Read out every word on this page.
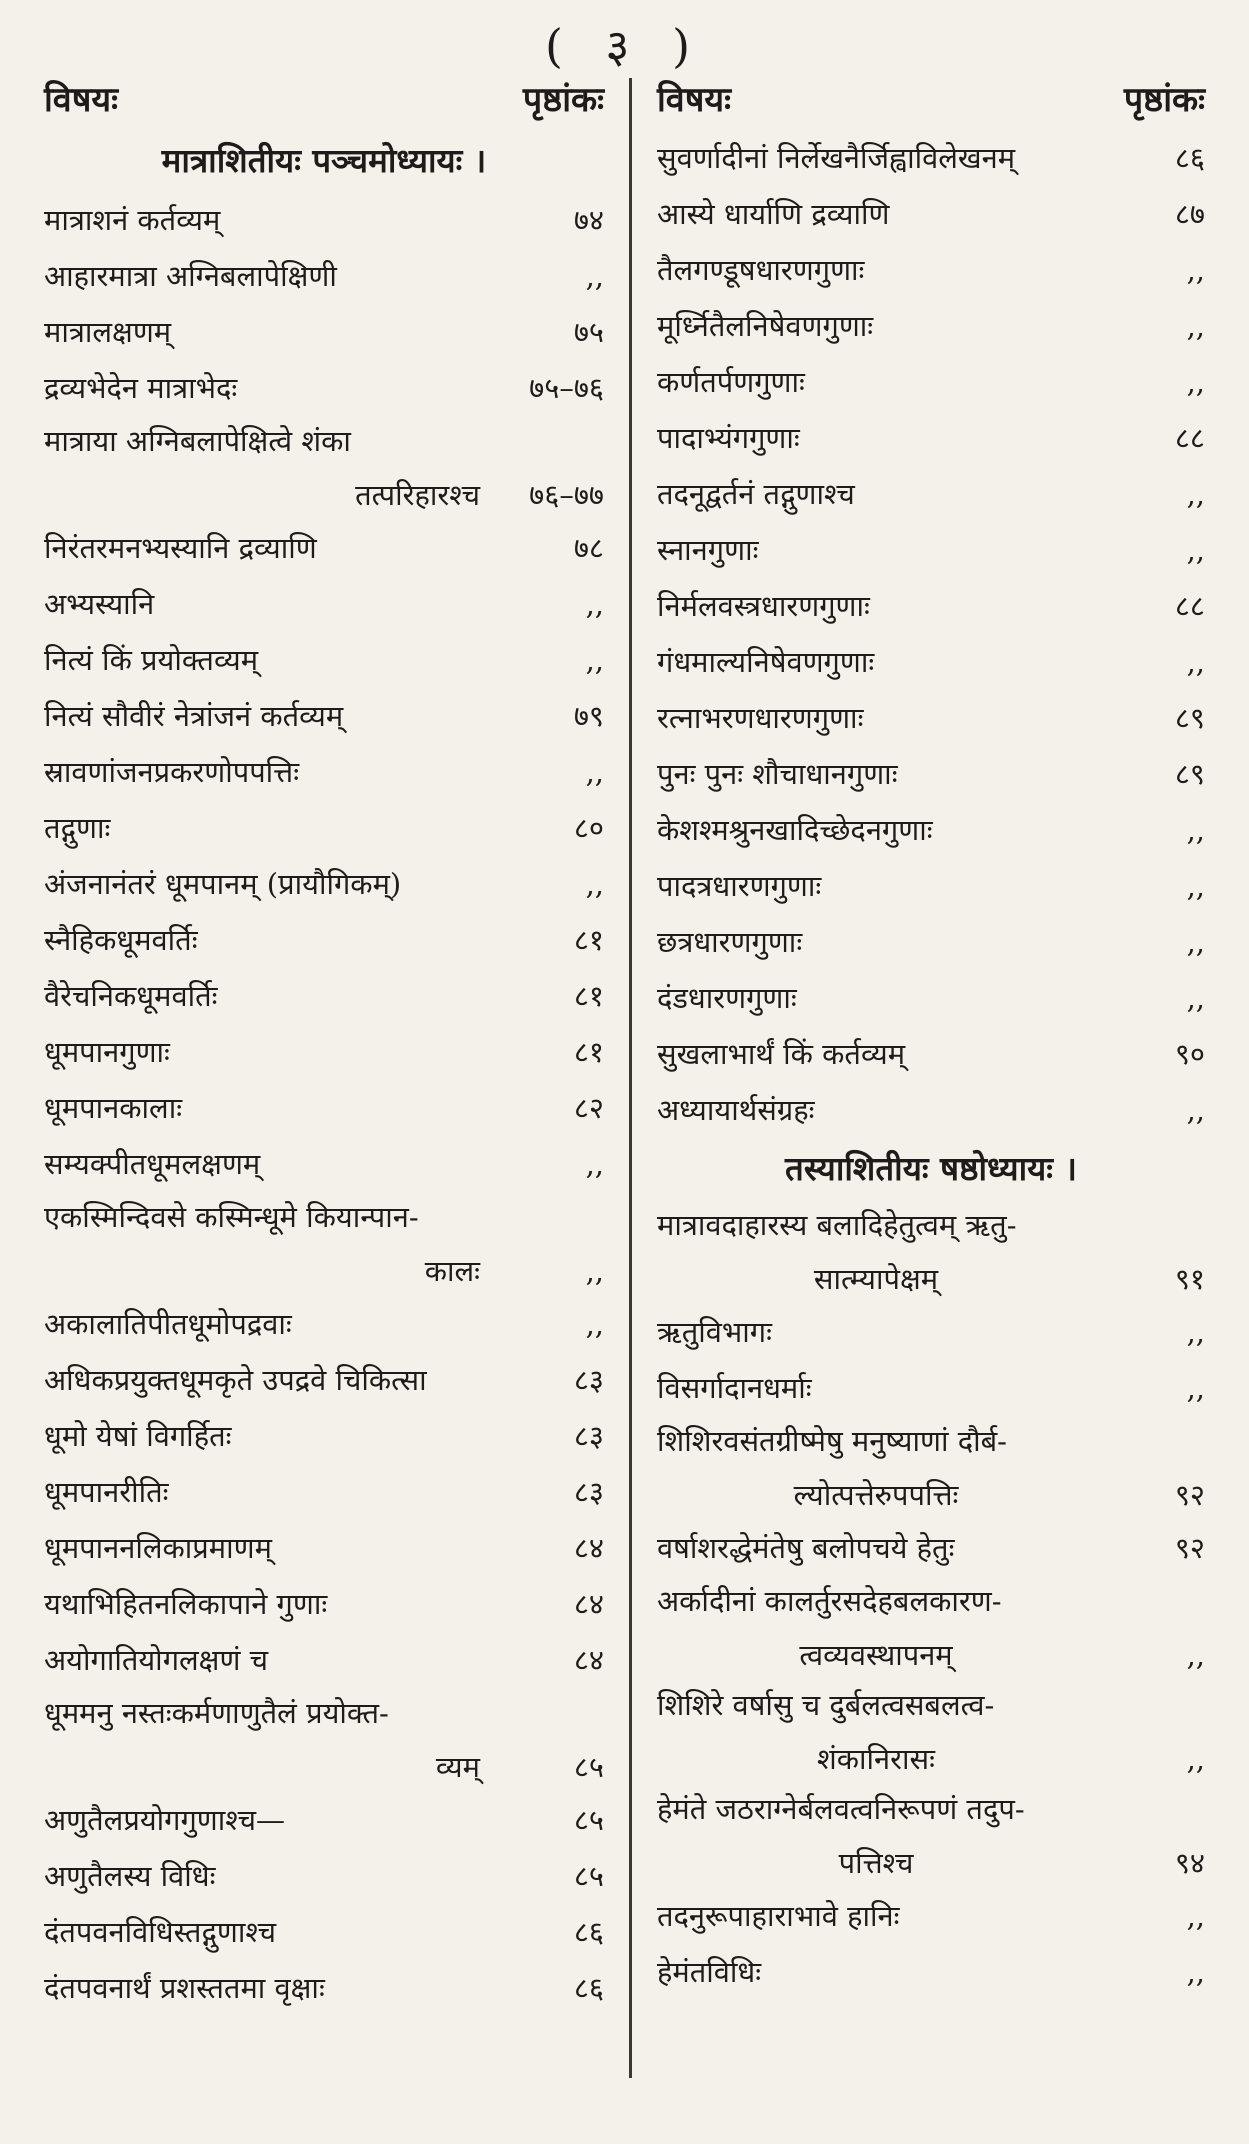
( ३ )
विषयः	पृष्ठांकः
मात्राशितीयः पञ्चमोध्यायः ।
मात्राशनं कर्तव्यम्	७४
आहारमात्रा अग्निबलापेक्षिणी	,,
मात्रालक्षणम्	७५
द्रव्यभेदेन मात्राभेदः	७५–७६
मात्राया अग्निबलापेक्षित्वे शंका
तत्परिहारश्च	७६–७७
निरंतरमनभ्यस्यानि द्रव्याणि	७८
अभ्यस्यानि	,,
नित्यं किं प्रयोक्तव्यम्	,,
नित्यं सौवीरं नेत्रांजनं कर्तव्यम्	७९
स्रावणांजनप्रकरणोपपत्तिः	,,
तद्गुणाः	८०
अंजनानंतरं धूमपानम् (प्रायौगिकम्)	,,
स्नैहिकधूमवर्तिः	८१
वैरेचनिकधूमवर्तिः	८१
धूमपानगुणाः	८१
धूमपानकालाः	८२
सम्यक्पीतधूमलक्षणम्	,,
एकस्मिन्दिवसे कस्मिन्धूमे कियान्पान-
कालः	,,
अकालातिपीतधूमोपद्रवाः	,,
अधिकप्रयुक्तधूमकृते उपद्रवे चिकित्सा	८३
धूमो येषां विगर्हितः	८३
धूमपानरीतिः	८३
धूमपाननलिकाप्रमाणम्	८४
यथाभिहितनलिकापाने गुणाः	८४
अयोगातियोगलक्षणं च	८४
धूममनु नस्तःकर्मणाणुतैलं प्रयोक्त-
व्यम्	८५
अणुतैलप्रयोगगुणाश्च—	८५
अणुतैलस्य विधिः	८५
दंतपवनविधिस्तद्गुणाश्च	८६
दंतपवनार्थं प्रशस्ततमा वृक्षाः	८६
विषयः	पृष्ठांकः
सुवर्णादीनां निर्लेखनैर्जिह्वाविलेखनम्	८६
आस्ये धार्याणि द्रव्याणि	८७
तैलगण्डूषधारणगुणाः	,,
मूर्ध्नितैलनिषेवणगुणाः	,,
कर्णतर्पणगुणाः	,,
पादाभ्यंगगुणाः	८८
तदनूद्वर्तनं तद्गुणाश्च	,,
स्नानगुणाः	,,
निर्मलवस्त्रधारणगुणाः	८८
गंधमाल्यनिषेवणगुणाः	,,
रत्नाभरणधारणगुणाः	८९
पुनः पुनः शौचाधानगुणाः	८९
केशश्मश्रुनखादिच्छेदनगुणाः	,,
पादत्रधारणगुणाः	,,
छत्रधारणगुणाः	,,
दंडधारणगुणाः	,,
सुखलाभार्थं किं कर्तव्यम्	९०
अध्यायार्थसंग्रहः	,,
तस्याशितीयः षष्ठोध्यायः ।
मात्रावदाहारस्य बलादिहेतुत्वम् ऋतु-
सात्म्यापेक्षम्	९१
ऋतुविभागः	,,
विसर्गादानधर्माः	,,
शिशिरवसंतग्रीष्मेषु मनुष्याणां दौर्ब-
ल्योत्पत्तेरुपपत्तिः	९२
वर्षाशरद्धेमंतेषु बलोपचये हेतुः	९२
अर्कादीनां कालर्तुरसदेहबलकारण-
त्वव्यवस्थापनम्	,,
शिशिरे वर्षासु च दुर्बलत्वसबलत्व-
शंकानिरासः	,,
हेमंते जठराग्नेर्बलवत्वनिरूपणं तदुप-
पत्तिश्च	९४
तदनुरूपाहाराभावे हानिः	,,
हेमंतविधिः	,,
